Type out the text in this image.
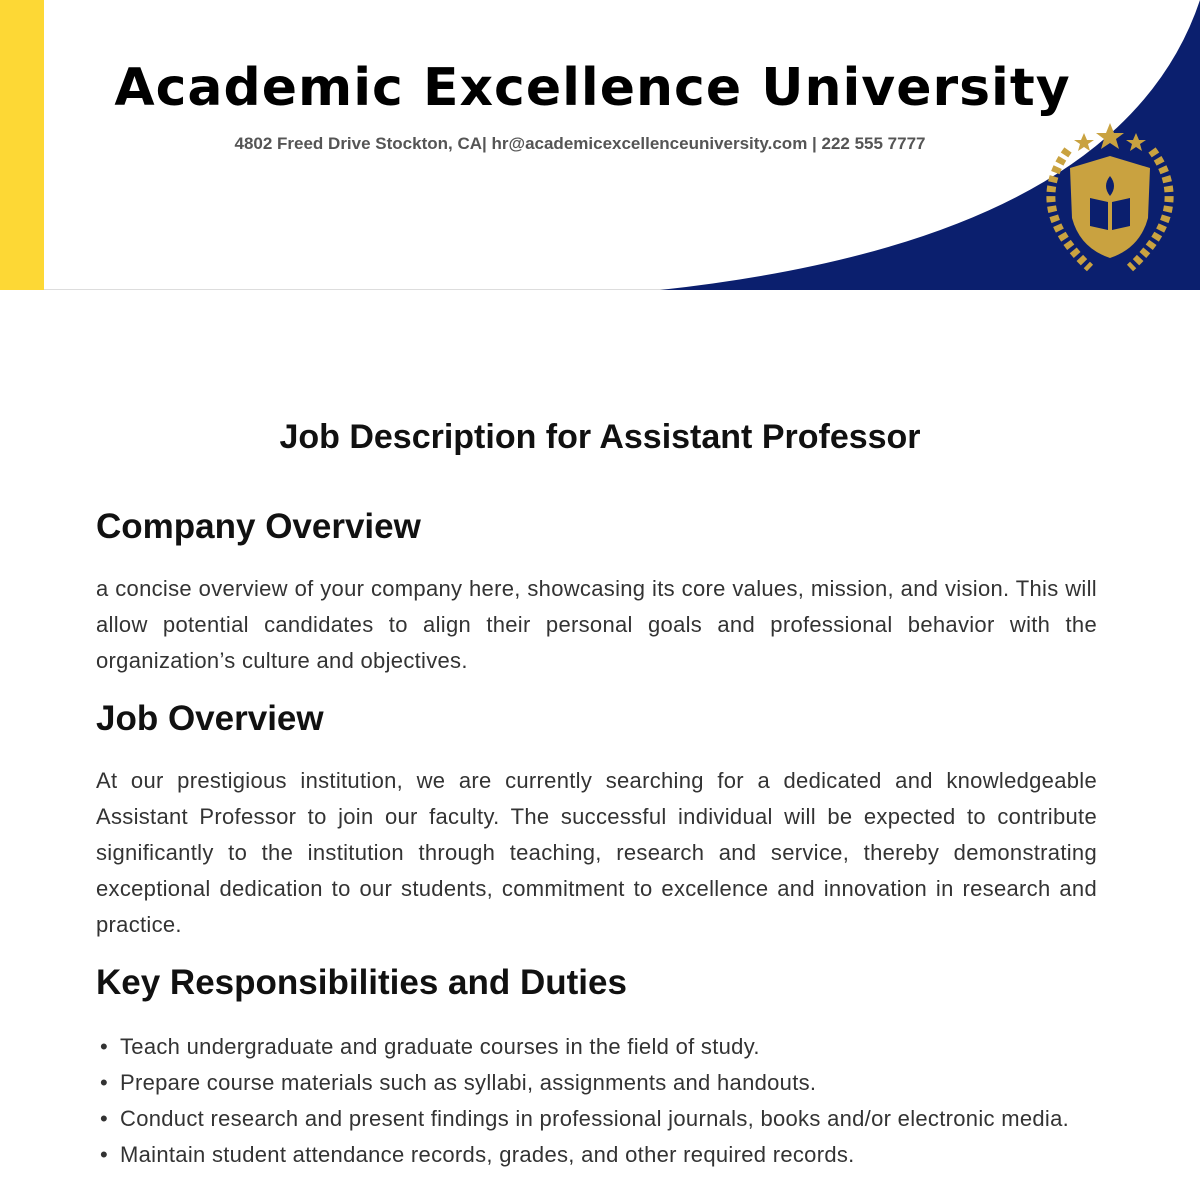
Academic Excellence University
4802 Freed Drive Stockton, CA| hr@academicexcellenceuniversity.com | 222 555 7777
Job Description for Assistant Professor
Company Overview

a concise overview of your company here, showcasing its core values, mission, and vision. This will allow potential candidates to align their personal goals and professional behavior with the organization’s culture and objectives.

Job Overview

At our prestigious institution, we are currently searching for a dedicated and knowledgeable Assistant Professor to join our faculty. The successful individual will be expected to contribute significantly to the institution through teaching, research and service, thereby demonstrating exceptional dedication to our students, commitment to excellence and innovation in research and practice.

Key Responsibilities and Duties
• Teach undergraduate and graduate courses in the field of study.
• Prepare course materials such as syllabi, assignments and handouts.
• Conduct research and present findings in professional journals, books and/or electronic media.
• Maintain student attendance records, grades, and other required records.
